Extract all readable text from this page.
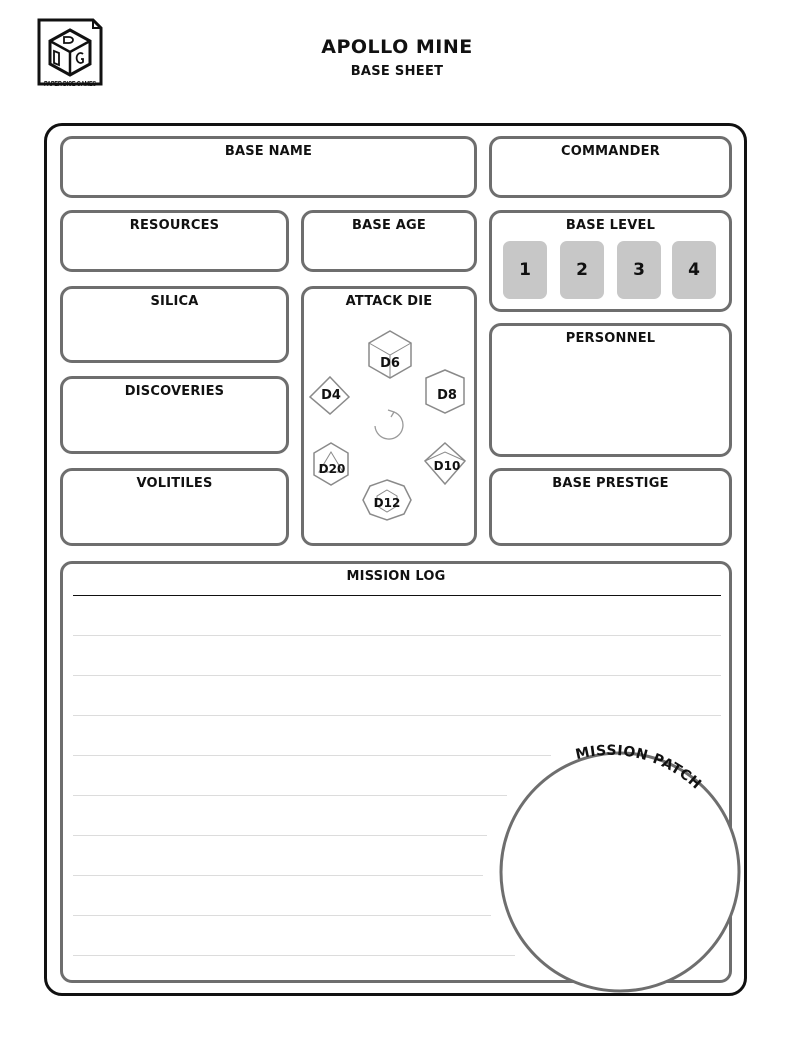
PAPER DICE GAMES
APOLLO MINE
BASE SHEET
BASE NAME	COMMANDER
RESOURCES	BASE AGE	BASE LEVEL
1	2	3	4
SILICA
DISCOVERIES
VOLITILES
ATTACK DIE
D6
D8
D10
D12
D20
D4
PERSONNEL
BASE PRESTIGE
MISSION LOG
MISSION PATCH
